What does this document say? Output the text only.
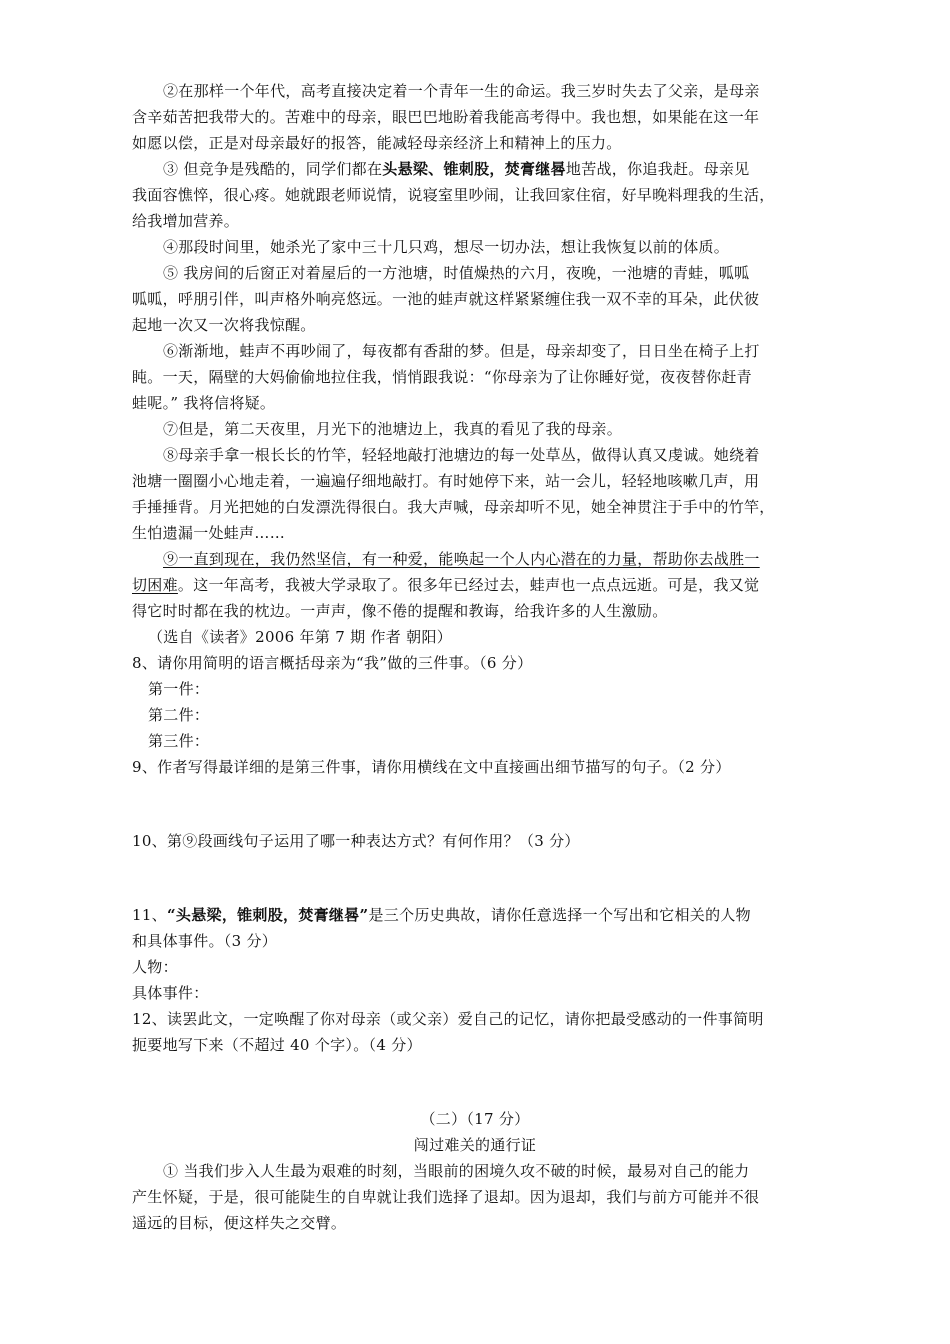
②在那样一个年代，高考直接决定着一个青年一生的命运。我三岁时失去了父亲，是母亲
含辛茹苦把我带大的。苦难中的母亲，眼巴巴地盼着我能高考得中。我也想，如果能在这一年
如愿以偿，正是对母亲最好的报答，能减轻母亲经济上和精神上的压力。
③ 但竞争是残酷的，同学们都在头悬梁、锥刺股，焚膏继晷地苦战，你追我赶。母亲见
我面容憔悴，很心疼。她就跟老师说情，说寝室里吵闹，让我回家住宿，好早晚料理我的生活，
给我增加营养。
④那段时间里，她杀光了家中三十几只鸡，想尽一切办法，想让我恢复以前的体质。
⑤ 我房间的后窗正对着屋后的一方池塘，时值燥热的六月，夜晚，一池塘的青蛙，呱呱
呱呱，呼朋引伴，叫声格外响亮悠远。一池的蛙声就这样紧紧缠住我一双不幸的耳朵，此伏彼
起地一次又一次将我惊醒。
⑥渐渐地，蛙声不再吵闹了，每夜都有香甜的梦。但是，母亲却变了，日日坐在椅子上打
盹。一天，隔壁的大妈偷偷地拉住我，悄悄跟我说：“你母亲为了让你睡好觉，夜夜替你赶青
蛙呢。” 我将信将疑。
⑦但是，第二天夜里，月光下的池塘边上，我真的看见了我的母亲。
⑧母亲手拿一根长长的竹竿，轻轻地敲打池塘边的每一处草丛，做得认真又虔诚。她绕着
池塘一圈圈小心地走着，一遍遍仔细地敲打。有时她停下来，站一会儿，轻轻地咳嗽几声，用
手捶捶背。月光把她的白发漂洗得很白。我大声喊，母亲却听不见，她全神贯注于手中的竹竿，
生怕遗漏一处蛙声……
⑨一直到现在，我仍然坚信，有一种爱，能唤起一个人内心潜在的力量，帮助你去战胜一
切困难。这一年高考，我被大学录取了。很多年已经过去，蛙声也一点点远逝。可是，我又觉
得它时时都在我的枕边。一声声，像不倦的提醒和教诲，给我许多的人生激励。
（选自《读者》2006 年第 7 期 作者 朝阳）
8、请你用简明的语言概括母亲为“我”做的三件事。（6 分）
第一件：
第二件：
第三件：
9、作者写得最详细的是第三件事，请你用横线在文中直接画出细节描写的句子。（2 分）
10、第⑨段画线句子运用了哪一种表达方式？有何作用？（3 分）
11、“头悬梁，锥刺股，焚膏继晷”是三个历史典故，请你任意选择一个写出和它相关的人物
和具体事件。（3 分）
人物：
具体事件：
12、读罢此文，一定唤醒了你对母亲（或父亲）爱自己的记忆，请你把最受感动的一件事简明
扼要地写下来（不超过 40 个字）。（4 分）
（二）（17 分）
闯过难关的通行证
① 当我们步入人生最为艰难的时刻，当眼前的困境久攻不破的时候，最易对自己的能力
产生怀疑，于是，很可能陡生的自卑就让我们选择了退却。因为退却，我们与前方可能并不很
遥远的目标，便这样失之交臂。
